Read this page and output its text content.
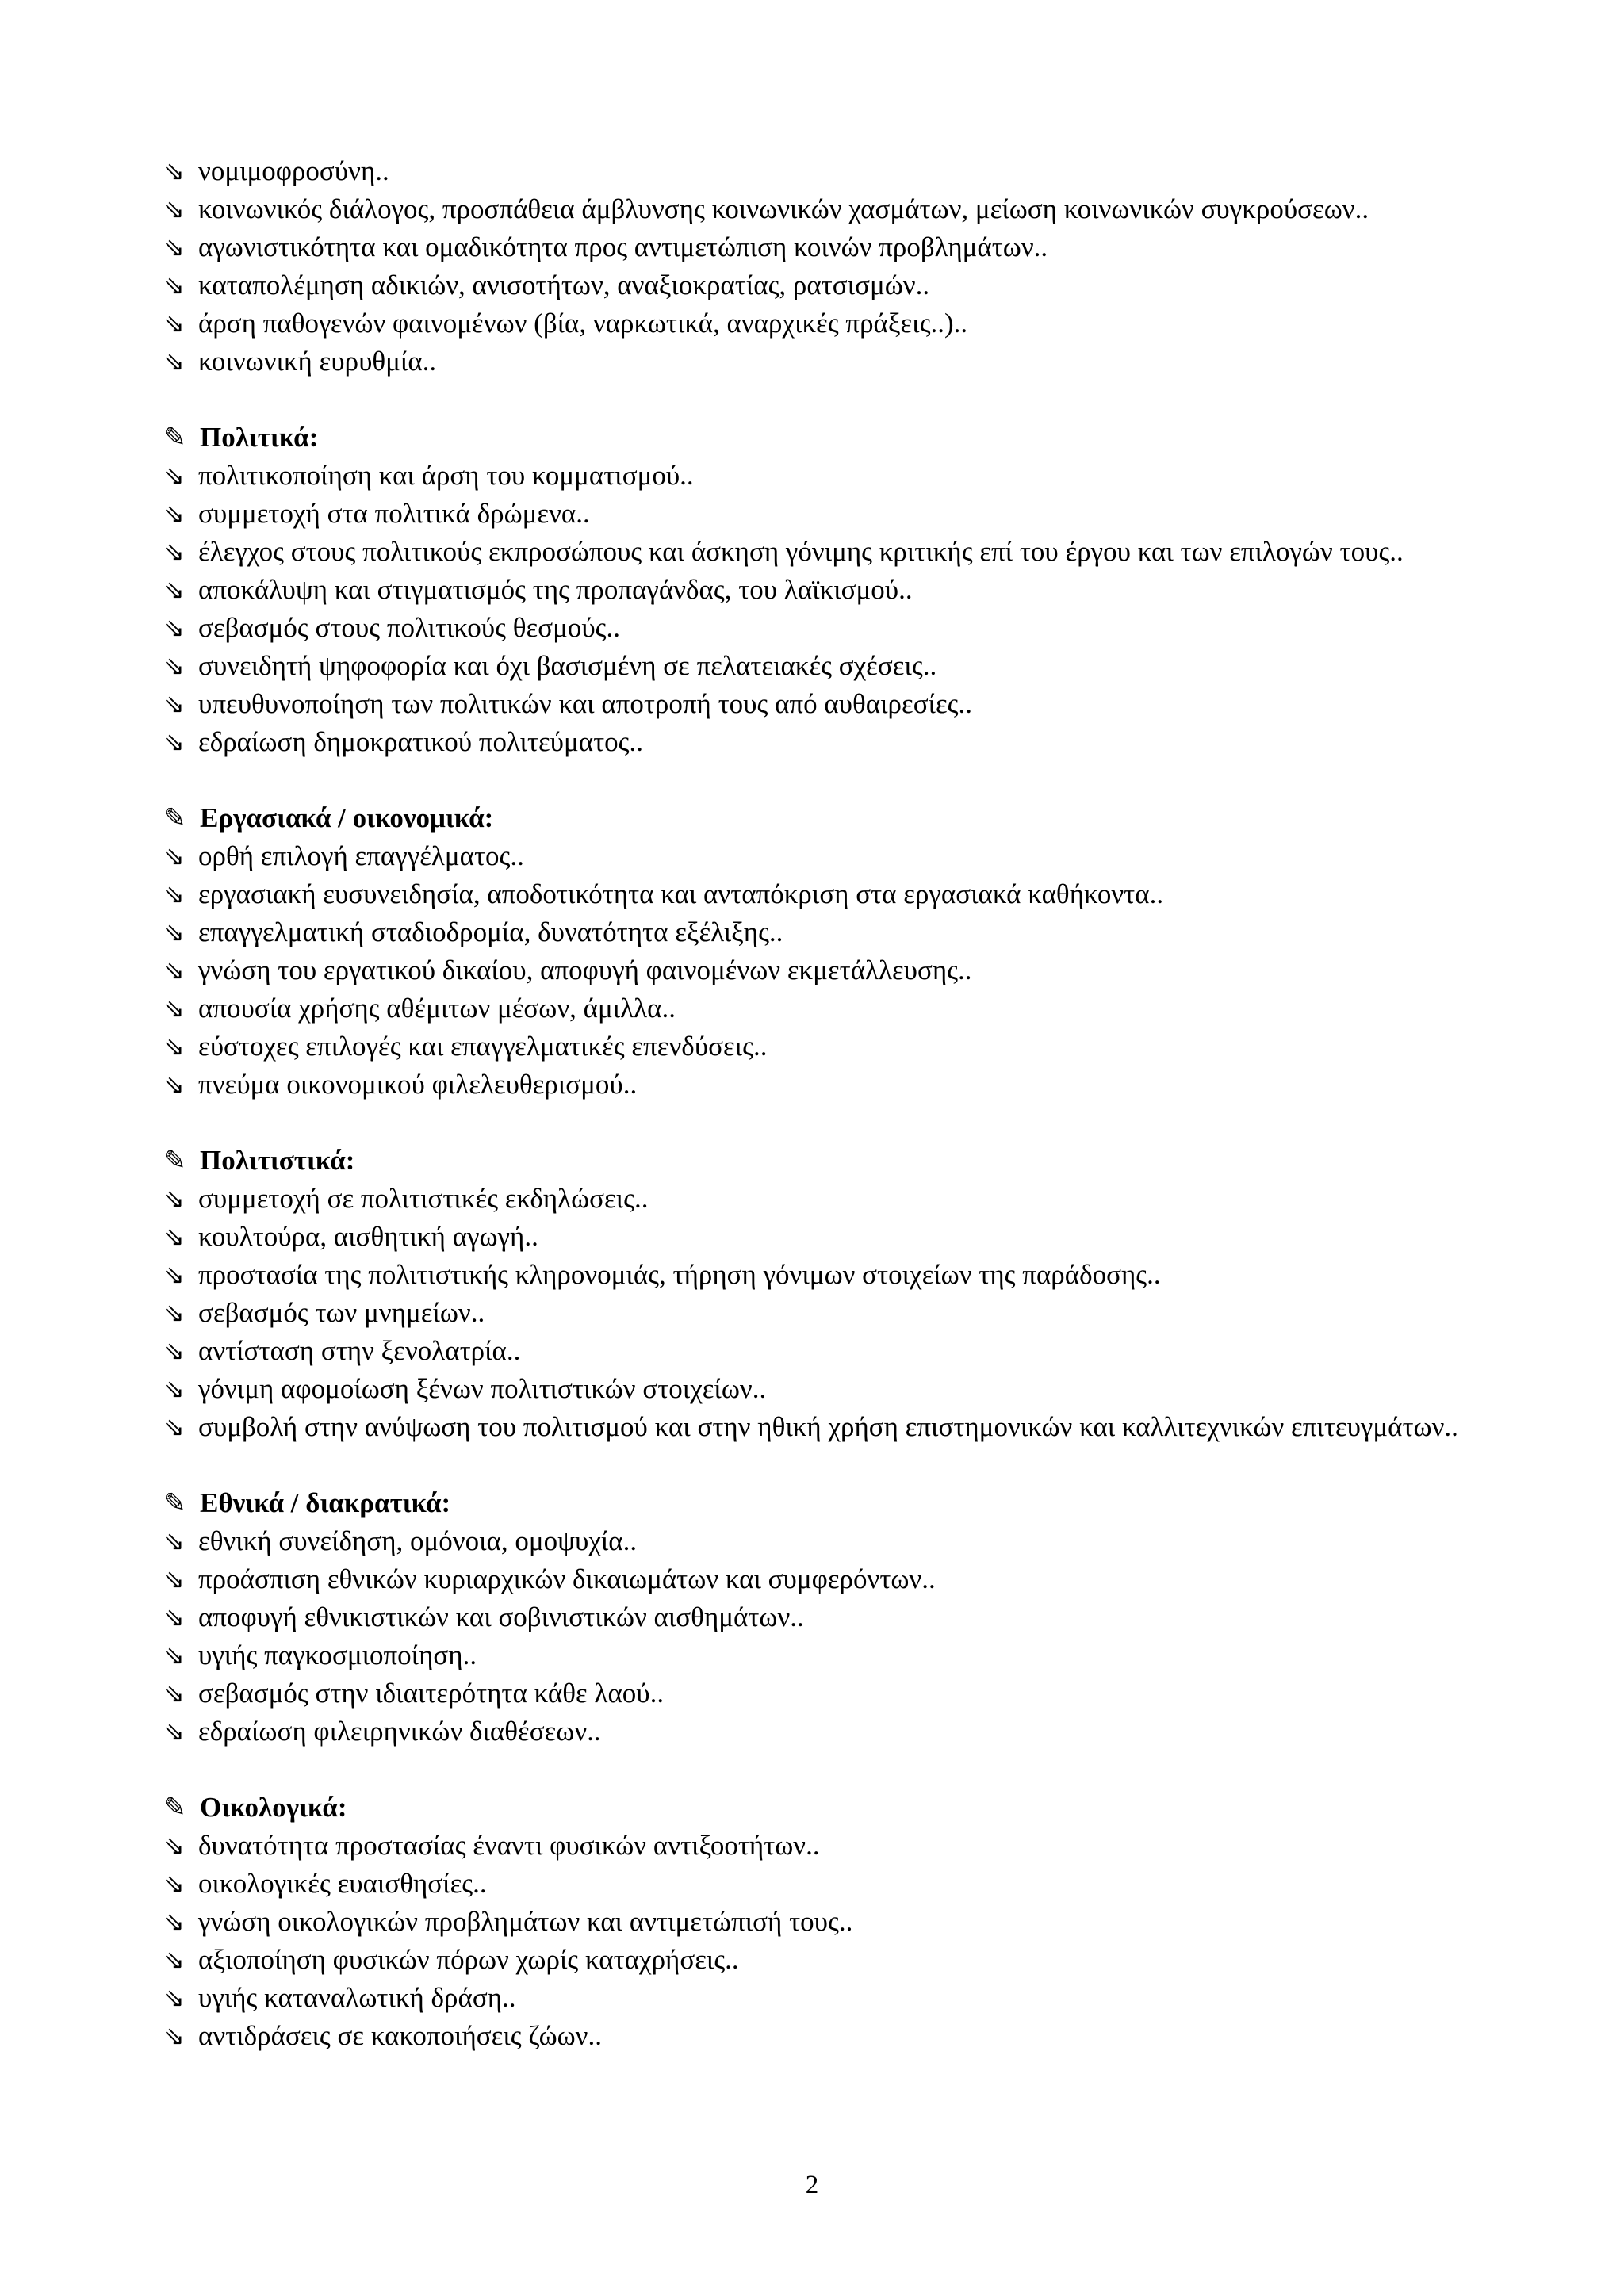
⇘ νομιμοφροσύνη..

⇘ κοινωνικός διάλογος, προσπάθεια άμβλυνσης κοινωνικών χασμάτων, μείωση κοινωνικών συγκρούσεων..

⇘ αγωνιστικότητα και ομαδικότητα προς αντιμετώπιση κοινών προβλημάτων..

⇘ καταπολέμηση αδικιών, ανισοτήτων, αναξιοκρατίας, ρατσισμών..

⇘ άρση παθογενών φαινομένων (βία, ναρκωτικά, αναρχικές πράξεις..)..

⇘ κοινωνική ευρυθμία..

✎ Πολιτικά:

⇘ πολιτικοποίηση και άρση του κομματισμού..

⇘ συμμετοχή στα πολιτικά δρώμενα..

⇘ έλεγχος στους πολιτικούς εκπροσώπους και άσκηση γόνιμης κριτικής επί του έργου και των επιλογών τους..

⇘ αποκάλυψη και στιγματισμός της προπαγάνδας, του λαϊκισμού..

⇘ σεβασμός στους πολιτικούς θεσμούς..

⇘ συνειδητή ψηφοφορία και όχι βασισμένη σε πελατειακές σχέσεις..

⇘ υπευθυνοποίηση των πολιτικών και αποτροπή τους από αυθαιρεσίες..

⇘ εδραίωση δημοκρατικού πολιτεύματος..

✎ Εργασιακά / οικονομικά:

⇘ ορθή επιλογή επαγγέλματος..

⇘ εργασιακή ευσυνειδησία, αποδοτικότητα και ανταπόκριση στα εργασιακά καθήκοντα..

⇘ επαγγελματική σταδιοδρομία, δυνατότητα εξέλιξης..

⇘ γνώση του εργατικού δικαίου, αποφυγή φαινομένων εκμετάλλευσης..

⇘ απουσία χρήσης αθέμιτων μέσων, άμιλλα..

⇘ εύστοχες επιλογές και επαγγελματικές επενδύσεις..

⇘ πνεύμα οικονομικού φιλελευθερισμού..

✎ Πολιτιστικά:

⇘ συμμετοχή σε πολιτιστικές εκδηλώσεις..

⇘ κουλτούρα, αισθητική αγωγή..

⇘ προστασία της πολιτιστικής κληρονομιάς, τήρηση γόνιμων στοιχείων της παράδοσης..

⇘ σεβασμός των μνημείων..

⇘ αντίσταση στην ξενολατρία..

⇘ γόνιμη αφομοίωση ξένων πολιτιστικών στοιχείων..

⇘ συμβολή στην ανύψωση του πολιτισμού και στην ηθική χρήση επιστημονικών και καλλιτεχνικών επιτευγμάτων..

✎ Εθνικά / διακρατικά:

⇘ εθνική συνείδηση, ομόνοια, ομοψυχία..

⇘ προάσπιση εθνικών κυριαρχικών δικαιωμάτων και συμφερόντων..

⇘ αποφυγή εθνικιστικών και σοβινιστικών αισθημάτων..

⇘ υγιής παγκοσμιοποίηση..

⇘ σεβασμός στην ιδιαιτερότητα κάθε λαού..

⇘ εδραίωση φιλειρηνικών διαθέσεων..

✎ Οικολογικά:

⇘ δυνατότητα προστασίας έναντι φυσικών αντιξοοτήτων..

⇘ οικολογικές ευαισθησίες..

⇘ γνώση οικολογικών προβλημάτων και αντιμετώπισή τους..

⇘ αξιοποίηση φυσικών πόρων χωρίς καταχρήσεις..

⇘ υγιής καταναλωτική δράση..

⇘ αντιδράσεις σε κακοποιήσεις ζώων..

2
